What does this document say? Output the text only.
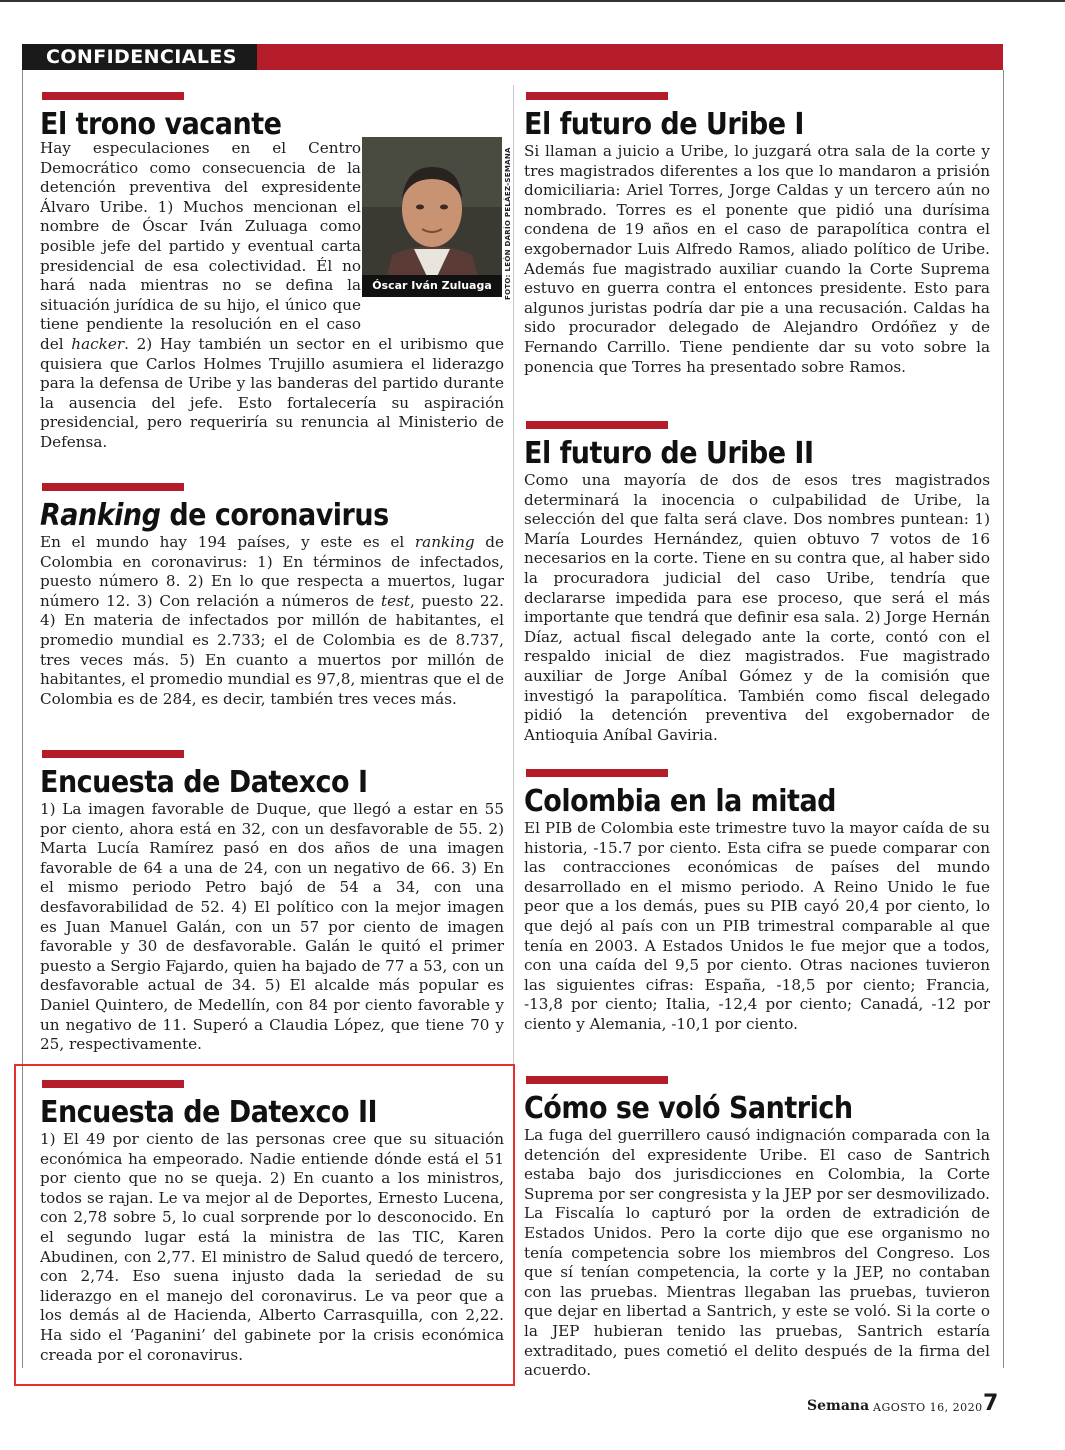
CONFIDENCIALES
El trono vacante

Hay especulaciones en el Centro Democrático como consecuencia de la detención preventiva del expresidente Álvaro Uribe. 1) Muchos mencionan el nombre de Óscar Iván Zuluaga como posible jefe del partido y eventual carta presidencial de esa colectividad. Él no hará nada mientras no se defina la situación jurídica de su hijo, el único que tiene pendiente la resolución en el caso del hacker. 2) Hay también un sector en el uribismo que quisiera que Carlos Holmes Trujillo asumiera el liderazgo para la defensa de Uribe y las banderas del partido durante la ausencia del jefe. Esto fortalecería su aspiración presidencial, pero requeriría su renuncia al Ministerio de Defensa.

Óscar Iván Zuluaga	FOTO: LEÓN DARÍO PELÁEZ-SEMANA
Ranking de coronavirus

En el mundo hay 194 países, y este es el ranking de Colombia en coronavirus: 1) En términos de infectados, puesto número 8. 2) En lo que respecta a muertos, lugar número 12. 3) Con relación a números de test, puesto 22. 4) En materia de infectados por millón de habitantes, el promedio mundial es 2.733; el de Colombia es de 8.737, tres veces más. 5) En cuanto a muertos por millón de habitantes, el promedio mundial es 97,8, mientras que el de Colombia es de 284, es decir, también tres veces más.

Encuesta de Datexco I

1) La imagen favorable de Duque, que llegó a estar en 55 por ciento, ahora está en 32, con un desfavorable de 55. 2) Marta Lucía Ramírez pasó en dos años de una imagen favorable de 64 a una de 24, con un negativo de 66. 3) En el mismo periodo Petro bajó de 54 a 34, con una desfavorabilidad de 52. 4) El político con la mejor imagen es Juan Manuel Galán, con un 57 por ciento de imagen favorable y 30 de desfavorable. Galán le quitó el primer puesto a Sergio Fajardo, quien ha bajado de 77 a 53, con un desfavorable actual de 34. 5) El alcalde más popular es Daniel Quintero, de Medellín, con 84 por ciento favorable y un negativo de 11. Superó a Claudia López, que tiene 70 y 25, respectivamente.

Encuesta de Datexco II

1) El 49 por ciento de las personas cree que su situación económica ha empeorado. Nadie entiende dónde está el 51 por ciento que no se queja. 2) En cuanto a los ministros, todos se rajan. Le va mejor al de Deportes, Ernesto Lucena, con 2,78 sobre 5, lo cual sorprende por lo desconocido. En el segundo lugar está la ministra de las TIC, Karen Abudinen, con 2,77. El ministro de Salud quedó de tercero, con 2,74. Eso suena injusto dada la seriedad de su liderazgo en el manejo del coronavirus. Le va peor que a los demás al de Hacienda, Alberto Carrasquilla, con 2,22. Ha sido el ‘Paganini’ del gabinete por la crisis económica creada por el coronavirus.

El futuro de Uribe I

Si llaman a juicio a Uribe, lo juzgará otra sala de la corte y tres magistrados diferentes a los que lo mandaron a prisión domiciliaria: Ariel Torres, Jorge Caldas y un tercero aún no nombrado. Torres es el ponente que pidió una durísima condena de 19 años en el caso de parapolítica contra el exgobernador Luis Alfredo Ramos, aliado político de Uribe. Además fue magistrado auxiliar cuando la Corte Suprema estuvo en guerra contra el entonces presidente. Esto para algunos juristas podría dar pie a una recusación. Caldas ha sido procurador delegado de Alejandro Ordóñez y de Fernando Carrillo. Tiene pendiente dar su voto sobre la ponencia que Torres ha presentado sobre Ramos.

El futuro de Uribe II

Como una mayoría de dos de esos tres magistrados determinará la inocencia o culpabilidad de Uribe, la selección del que falta será clave. Dos nombres puntean: 1) María Lourdes Hernández, quien obtuvo 7 votos de 16 necesarios en la corte. Tiene en su contra que, al haber sido la procuradora judicial del caso Uribe, tendría que declararse impedida para ese proceso, que será el más importante que tendrá que definir esa sala. 2) Jorge Hernán Díaz, actual fiscal delegado ante la corte, contó con el respaldo inicial de diez magistrados. Fue magistrado auxiliar de Jorge Aníbal Gómez y de la comisión que investigó la parapolítica. También como fiscal delegado pidió la detención preventiva del exgobernador de Antioquia Aníbal Gaviria.

Colombia en la mitad

El PIB de Colombia este trimestre tuvo la mayor caída de su historia, -15.7 por ciento. Esta cifra se puede comparar con las contracciones económicas de países del mundo desarrollado en el mismo periodo. A Reino Unido le fue peor que a los demás, pues su PIB cayó 20,4 por ciento, lo que dejó al país con un PIB trimestral comparable al que tenía en 2003. A Estados Unidos le fue mejor que a todos, con una caída del 9,5 por ciento. Otras naciones tuvieron las siguientes cifras: España, -18,5 por ciento; Francia, -13,8 por ciento; Italia, -12,4 por ciento; Canadá, -12 por ciento y Alemania, -10,1 por ciento.

Cómo se voló Santrich

La fuga del guerrillero causó indignación comparada con la detención del expresidente Uribe. El caso de Santrich estaba bajo dos jurisdicciones en Colombia, la Corte Suprema por ser congresista y la JEP por ser desmovilizado. La Fiscalía lo capturó por la orden de extradición de Estados Unidos. Pero la corte dijo que ese organismo no tenía competencia sobre los miembros del Congreso. Los que sí tenían competencia, la corte y la JEP, no contaban con las pruebas. Mientras llegaban las pruebas, tuvieron que dejar en libertad a Santrich, y este se voló. Si la corte o la JEP hubieran tenido las pruebas, Santrich estaría extraditado, pues cometió el delito después de la firma del acuerdo.

Semana AGOSTO 16, 2020 7
